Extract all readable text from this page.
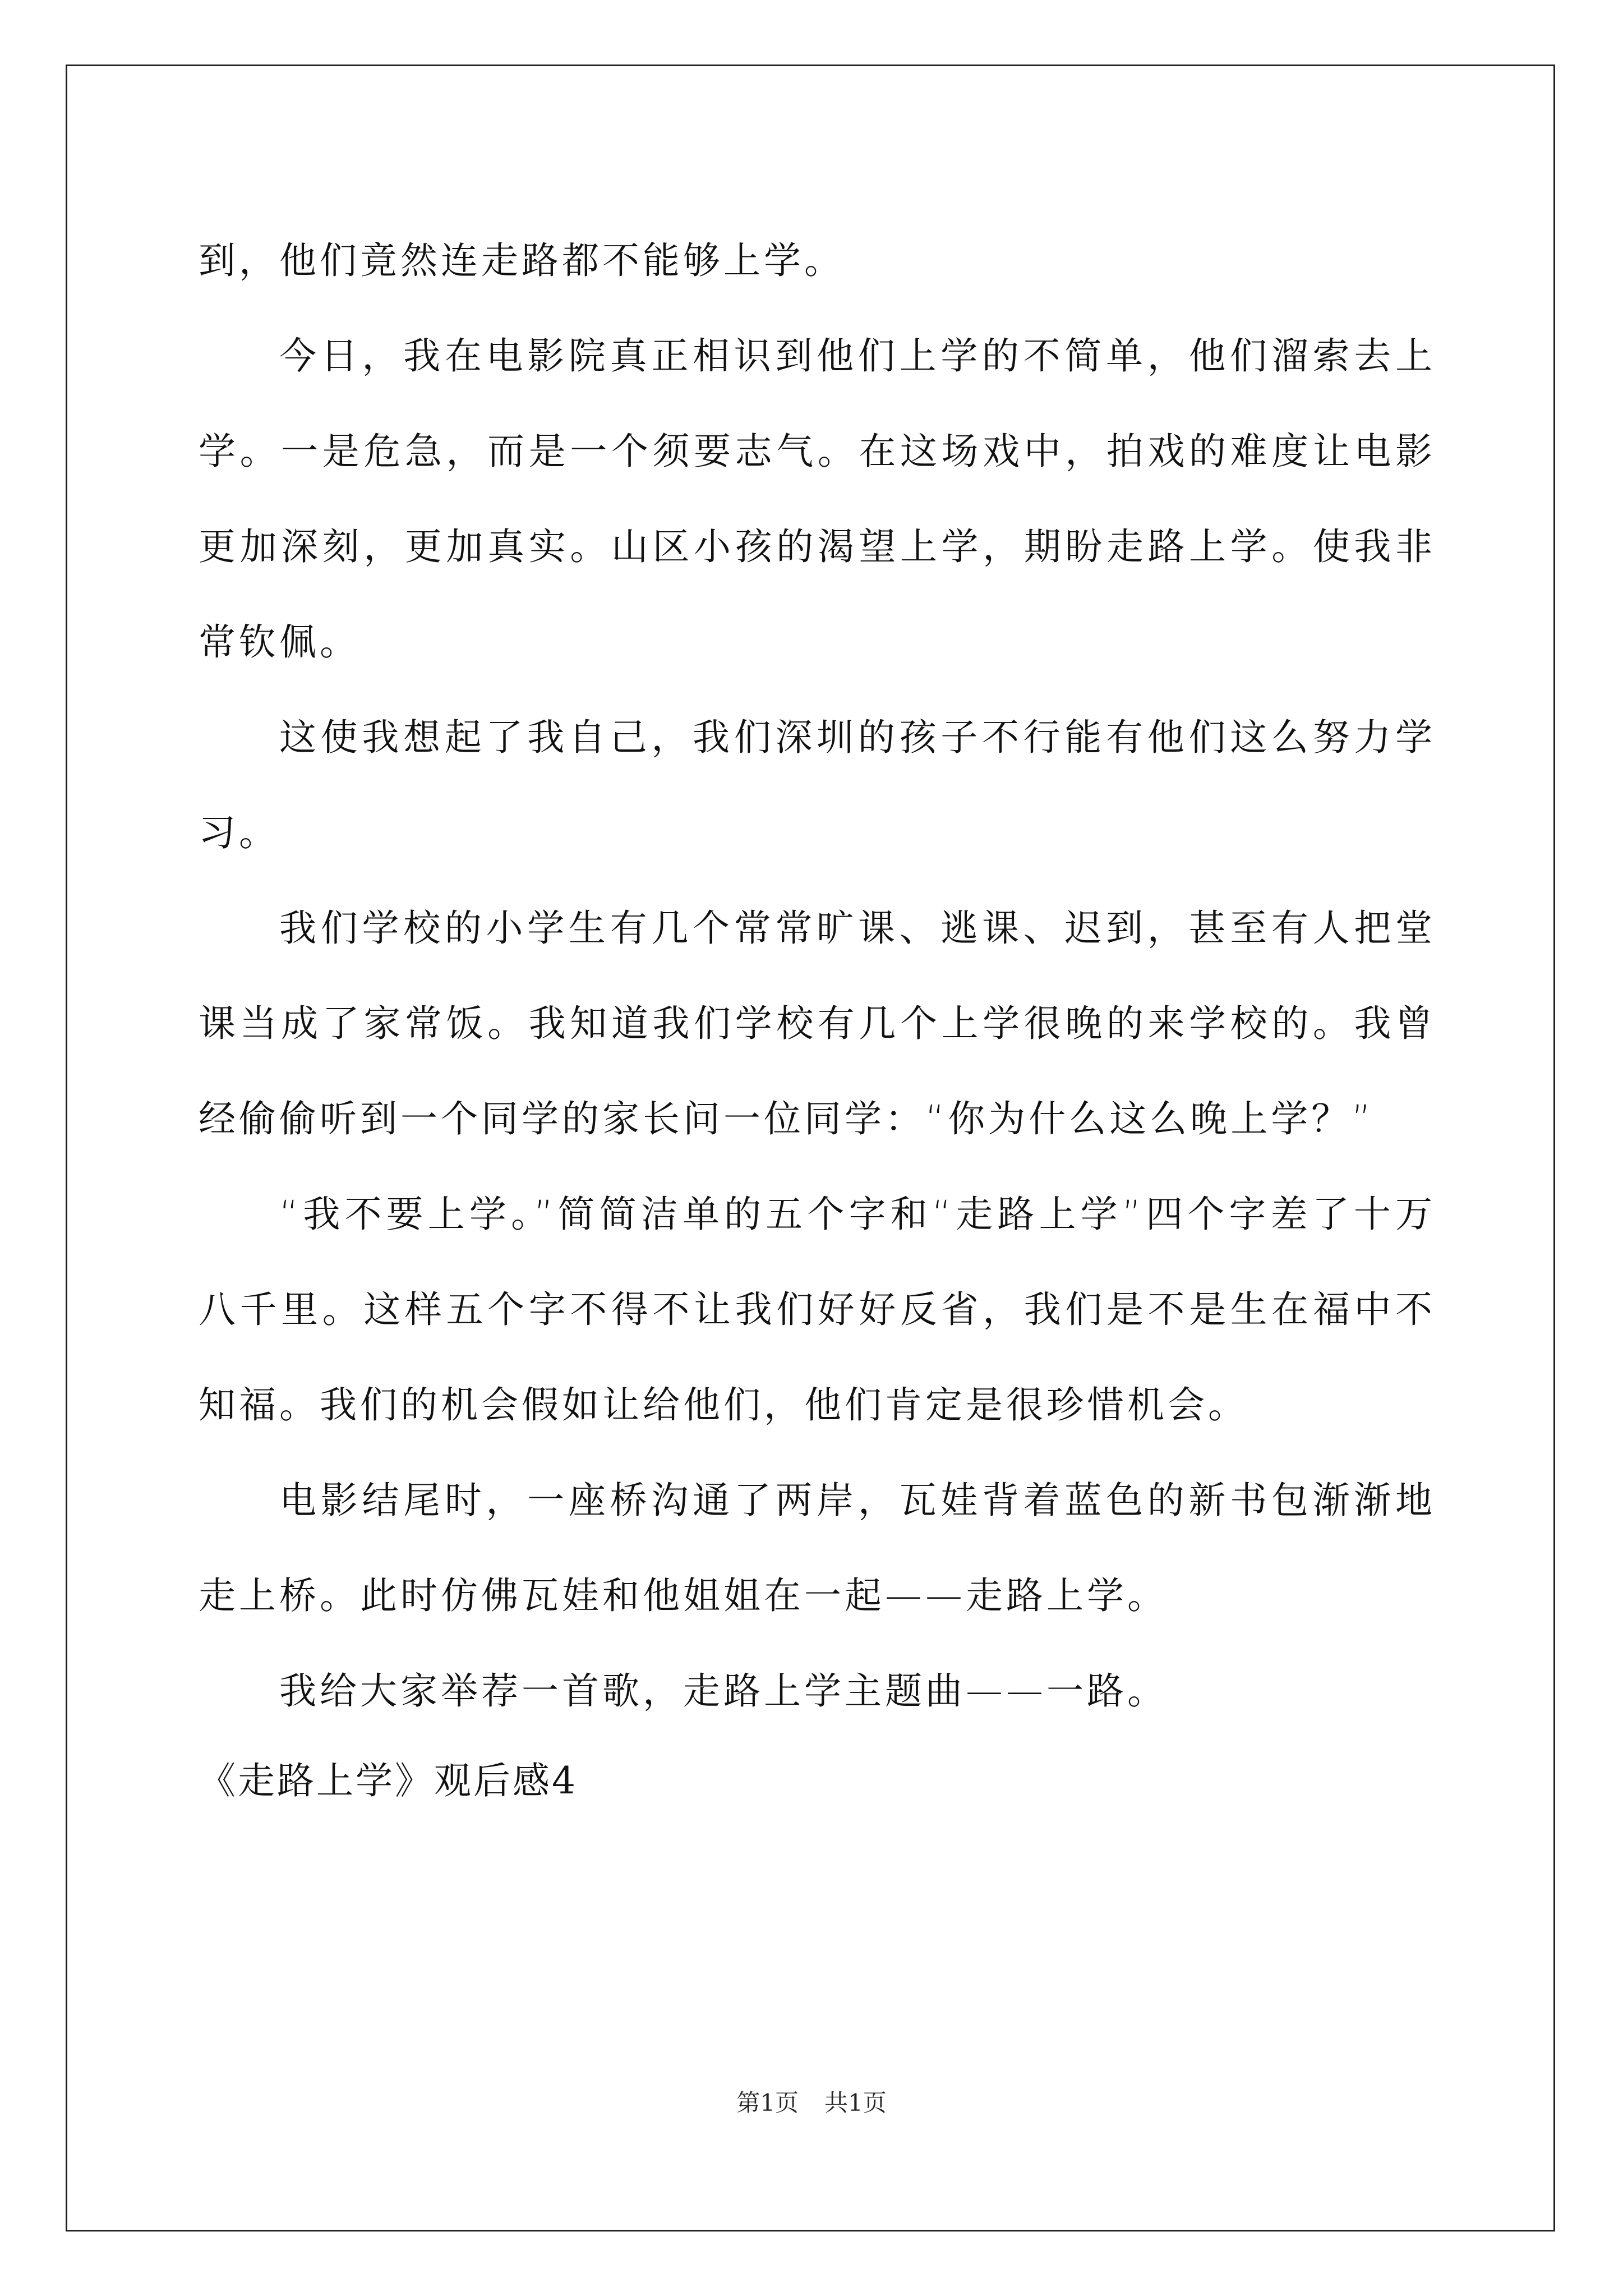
到，他们竟然连走路都不能够上学。

今日，我在电影院真正相识到他们上学的不简单，他们溜索去上学。一是危急，而是一个须要志气。在这场戏中，拍戏的难度让电影更加深刻，更加真实。山区小孩的渴望上学，期盼走路上学。使我非常钦佩。

这使我想起了我自己，我们深圳的孩子不行能有他们这么努力学习。

我们学校的小学生有几个常常旷课、逃课、迟到，甚至有人把堂课当成了家常饭。我知道我们学校有几个上学很晚的来学校的。我曾经偷偷听到一个同学的家长问一位同学：“你为什么这么晚上学？”

“我不要上学。”简简洁单的五个字和“走路上学”四个字差了十万八千里。这样五个字不得不让我们好好反省，我们是不是生在福中不知福。我们的机会假如让给他们，他们肯定是很珍惜机会。

电影结尾时，一座桥沟通了两岸，瓦娃背着蓝色的新书包渐渐地走上桥。此时仿佛瓦娃和他姐姐在一起——走路上学。

我给大家举荐一首歌，走路上学主题曲——一路。

《走路上学》观后感4
第1页 共1页
